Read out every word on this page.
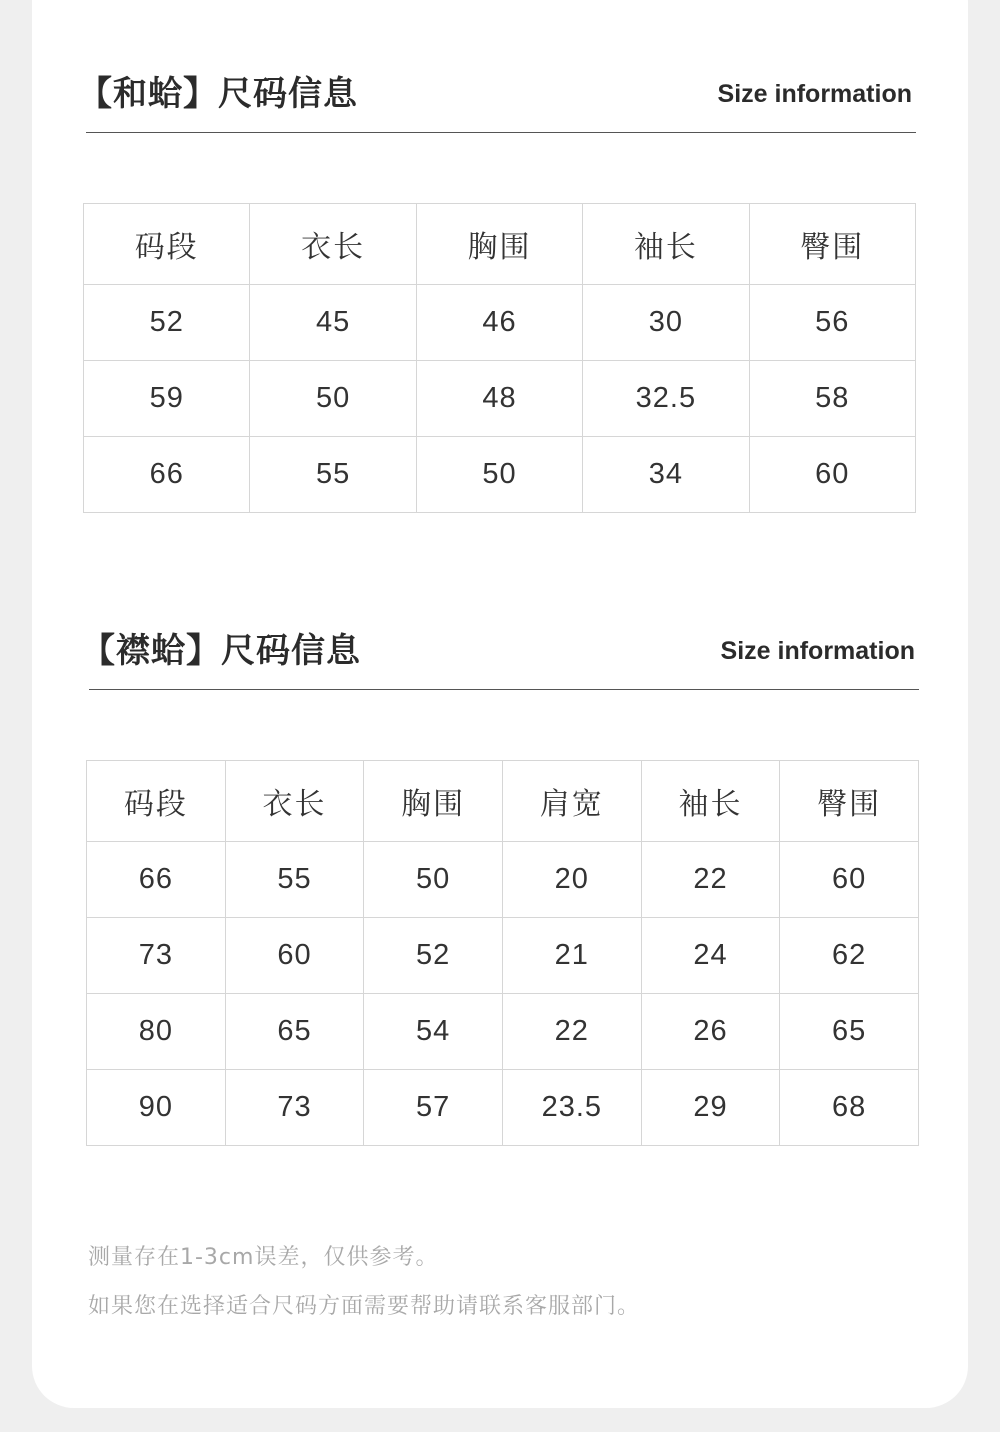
【和蛤】尺码信息	Size information
码段	衣长	胸围	袖长	臀围
52	45	46	30	56
59	50	48	32.5	58
66	55	50	34	60
【襟蛤】尺码信息	Size information
码段	衣长	胸围	肩宽	袖长	臀围
66	55	50	20	22	60
73	60	52	21	24	62
80	65	54	22	26	65
90	73	57	23.5	29	68
测量存在1-3cm误差，仅供参考。
如果您在选择适合尺码方面需要帮助请联系客服部门。
